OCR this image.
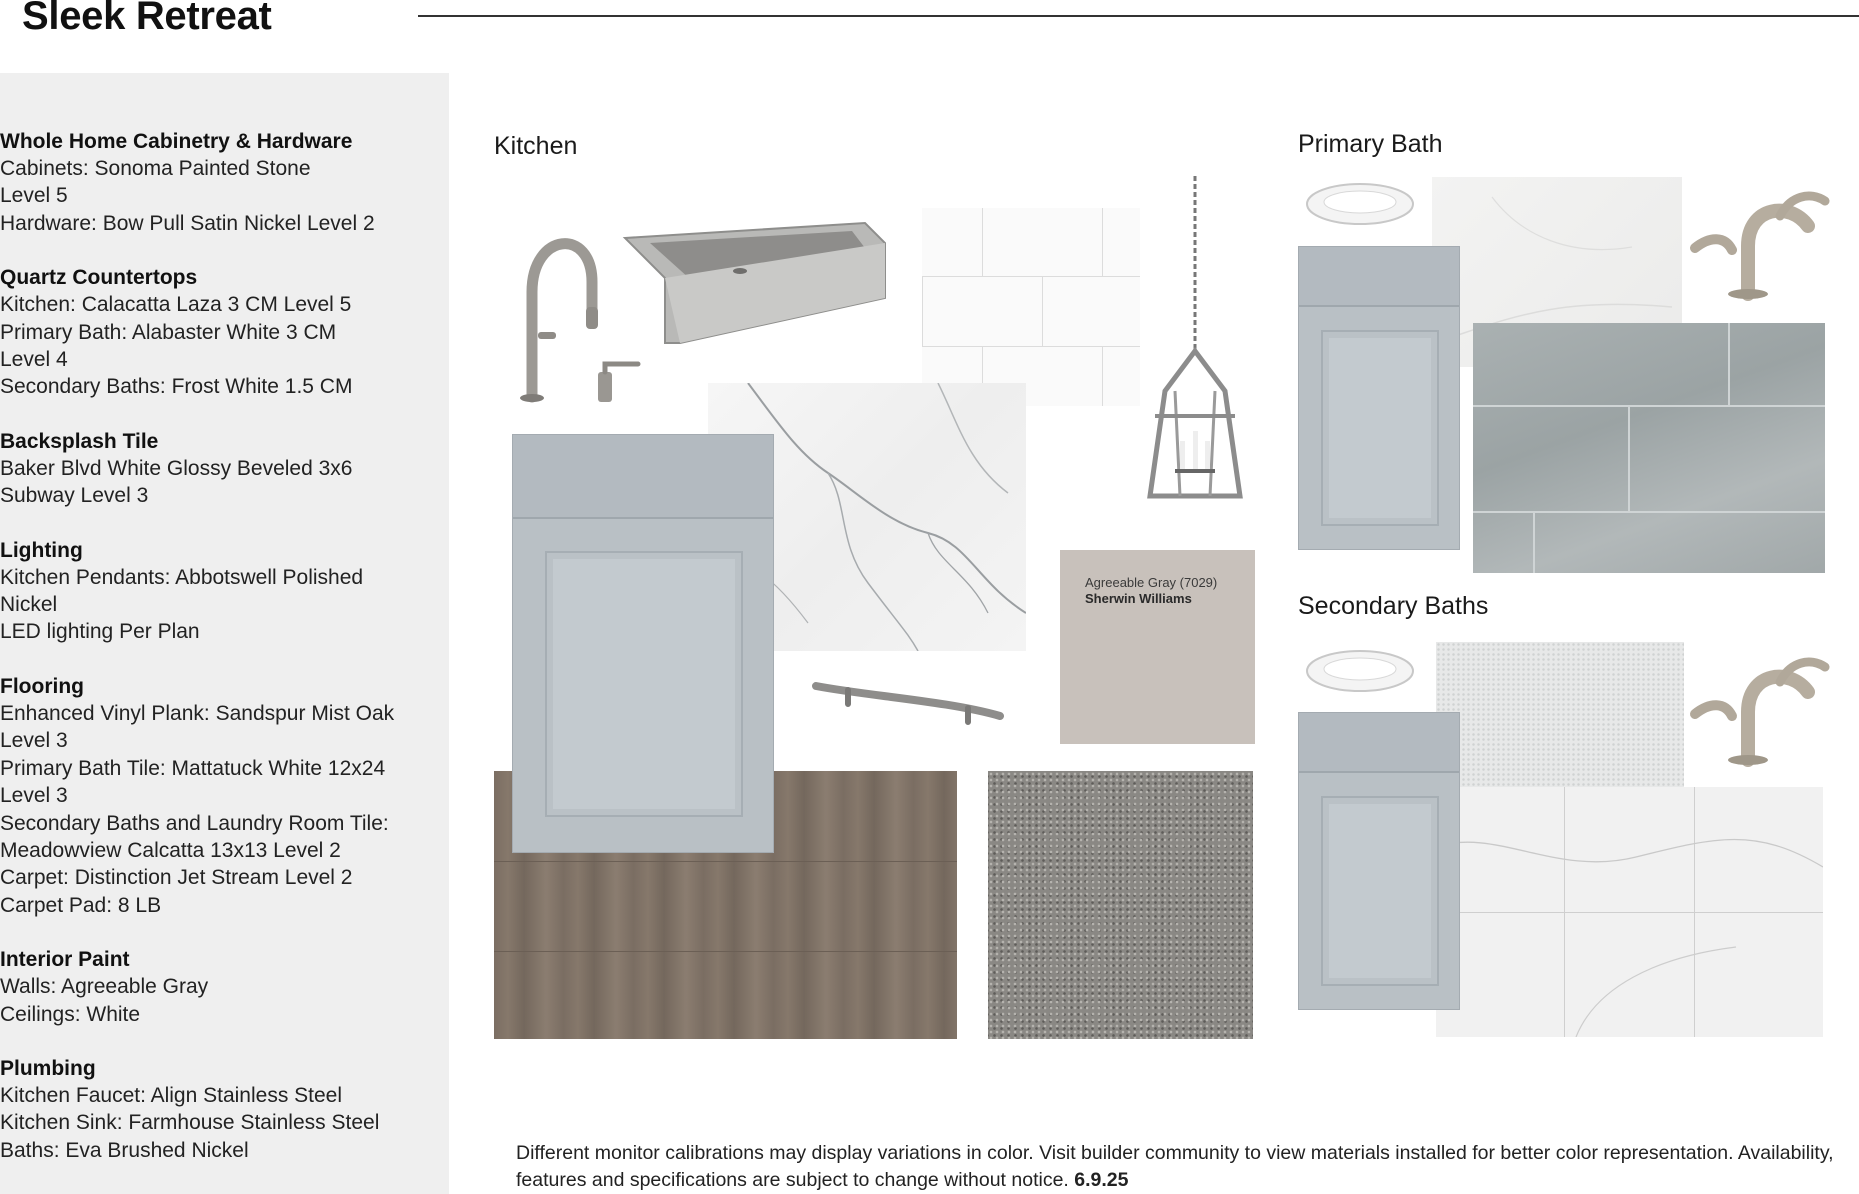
Sleek Retreat
Whole Home Cabinetry & Hardware
Cabinets: Sonoma Painted Stone
Level 5
Hardware: Bow Pull Satin Nickel Level 2
Quartz Countertops
Kitchen: Calacatta Laza 3 CM Level 5
Primary Bath: Alabaster White 3 CM
Level 4
Secondary Baths: Frost White 1.5 CM
Backsplash Tile
Baker Blvd White Glossy Beveled 3x6
Subway Level 3
Lighting
Kitchen Pendants: Abbotswell Polished
Nickel
LED lighting Per Plan
Flooring
Enhanced Vinyl Plank: Sandspur Mist Oak
Level 3
Primary Bath Tile: Mattatuck White 12x24
Level 3
Secondary Baths and Laundry Room Tile:
Meadowview Calcatta 13x13 Level 2
Carpet: Distinction Jet Stream Level 2
Carpet Pad: 8 LB
Interior Paint
Walls: Agreeable Gray
Ceilings: White
Plumbing
Kitchen Faucet: Align Stainless Steel
Kitchen Sink: Farmhouse Stainless Steel
Baths: Eva Brushed Nickel
Kitchen	Primary Bath
Secondary Baths
Agreeable Gray (7029)
Sherwin Williams
Different monitor calibrations may display variations in color. Visit builder community to view materials installed for better color representation. Availability, features and specifications are subject to change without notice. 6.9.25
